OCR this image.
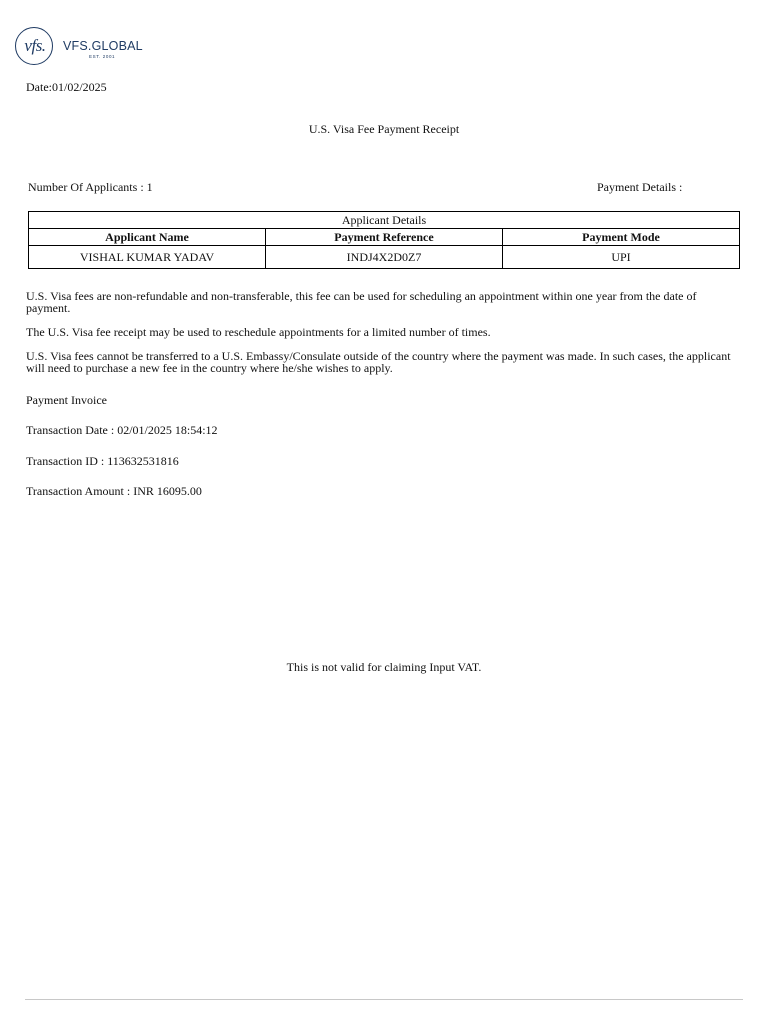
vfs.	VFS.GLOBAL
EST. 2001
Date:01/02/2025
U.S. Visa Fee Payment Receipt
Number Of Applicants : 1	Payment Details :
Applicant Details		
Applicant Name	Payment Reference	Payment Mode
VISHAL KUMAR YADAV	INDJ4X2D0Z7	UPI
U.S. Visa fees are non-refundable and non-transferable, this fee can be used for scheduling an appointment within one year from the date of payment.
The U.S. Visa fee receipt may be used to reschedule appointments for a limited number of times.
U.S. Visa fees cannot be transferred to a U.S. Embassy/Consulate outside of the country where the payment was made. In such cases, the applicant will need to purchase a new fee in the country where he/she wishes to apply.
Payment Invoice
Transaction Date : 02/01/2025 18:54:12
Transaction ID : 113632531816
Transaction Amount : INR 16095.00
This is not valid for claiming Input VAT.
